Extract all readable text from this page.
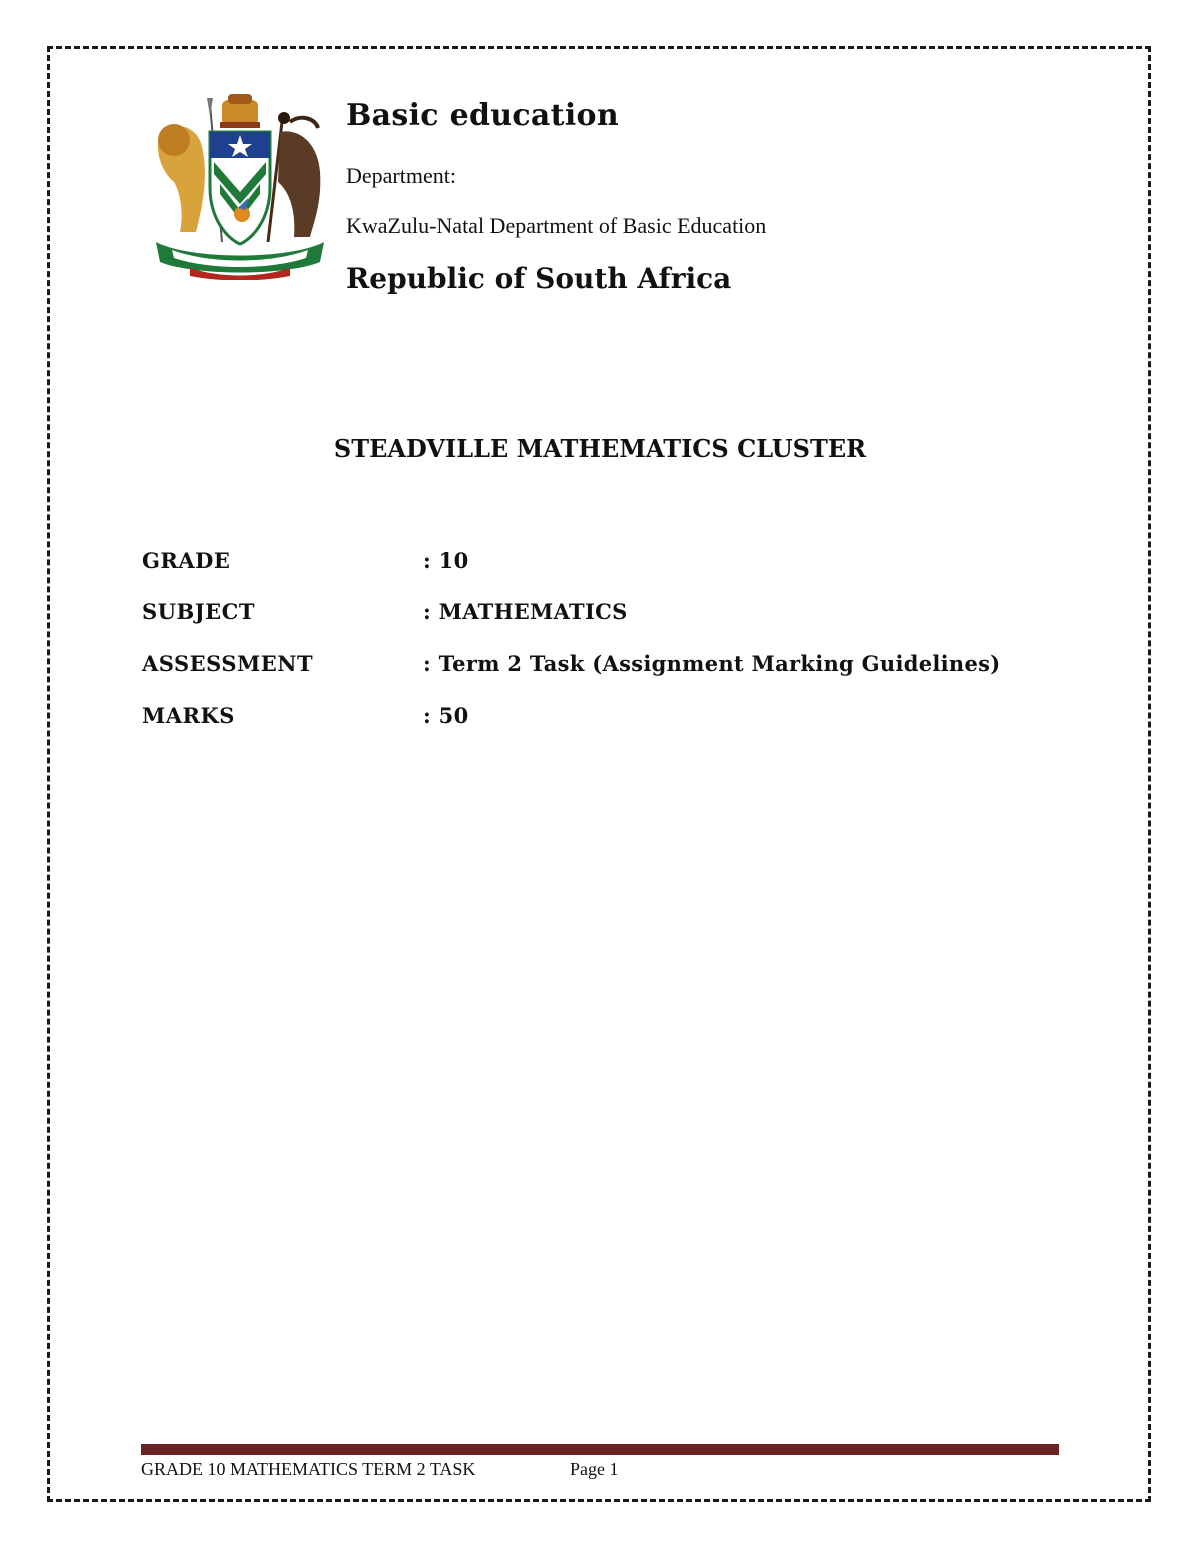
Basic education
Department:
KwaZulu-Natal Department of Basic Education
Republic of South Africa
STEADVILLE MATHEMATICS CLUSTER
GRADE	: 10
SUBJECT	: MATHEMATICS
ASSESSMENT	: Term 2 Task (Assignment Marking Guidelines)
MARKS	: 50
GRADE 10 MATHEMATICS TERM 2 TASK	Page 1
